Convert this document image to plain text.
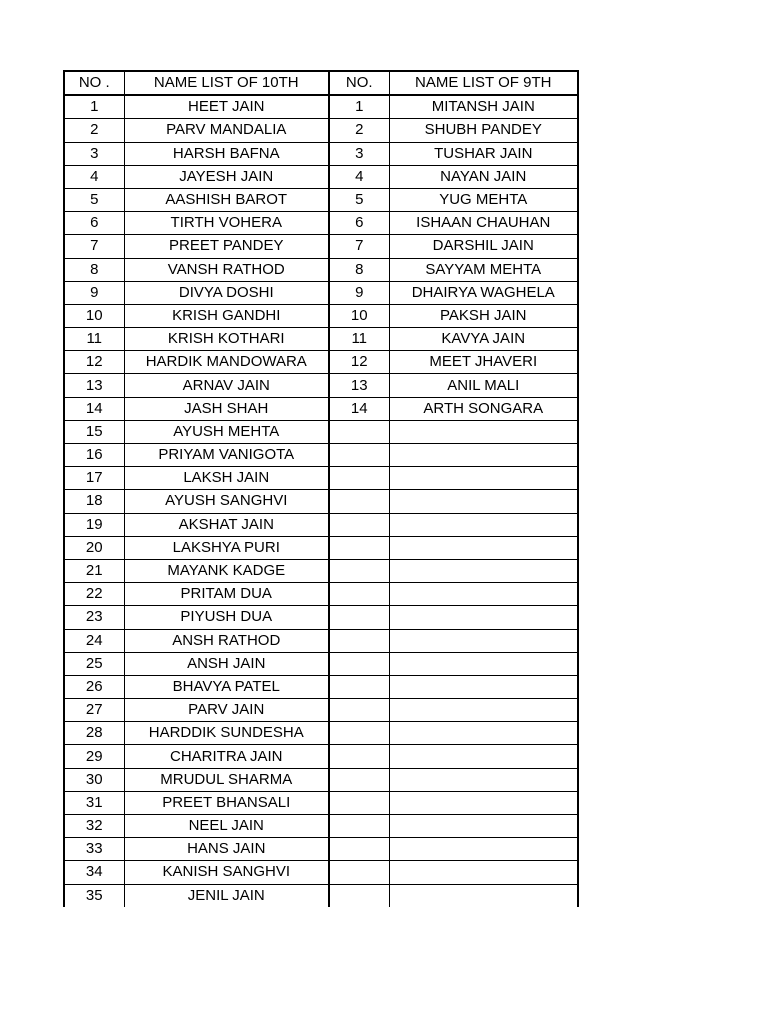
NO .	NAME LIST OF 10TH	NO.	NAME LIST OF 9TH
1	HEET JAIN	1	MITANSH JAIN
2	PARV MANDALIA	2	SHUBH PANDEY
3	HARSH BAFNA	3	TUSHAR JAIN
4	JAYESH JAIN	4	NAYAN JAIN
5	AASHISH BAROT	5	YUG MEHTA
6	TIRTH VOHERA	6	ISHAAN CHAUHAN
7	PREET PANDEY	7	DARSHIL JAIN
8	VANSH RATHOD	8	SAYYAM MEHTA
9	DIVYA DOSHI	9	DHAIRYA WAGHELA
10	KRISH GANDHI	10	PAKSH JAIN
11	KRISH KOTHARI	11	KAVYA JAIN
12	HARDIK MANDOWARA	12	MEET JHAVERI
13	ARNAV JAIN	13	ANIL MALI
14	JASH SHAH	14	ARTH SONGARA
15	AYUSH MEHTA		
16	PRIYAM VANIGOTA		
17	LAKSH JAIN		
18	AYUSH SANGHVI		
19	AKSHAT JAIN		
20	LAKSHYA PURI		
21	MAYANK KADGE		
22	PRITAM DUA		
23	PIYUSH DUA		
24	ANSH RATHOD		
25	ANSH JAIN		
26	BHAVYA PATEL		
27	PARV JAIN		
28	HARDDIK SUNDESHA		
29	CHARITRA JAIN		
30	MRUDUL SHARMA		
31	PREET BHANSALI		
32	NEEL JAIN		
33	HANS JAIN		
34	KANISH SANGHVI		
35	JENIL JAIN		
